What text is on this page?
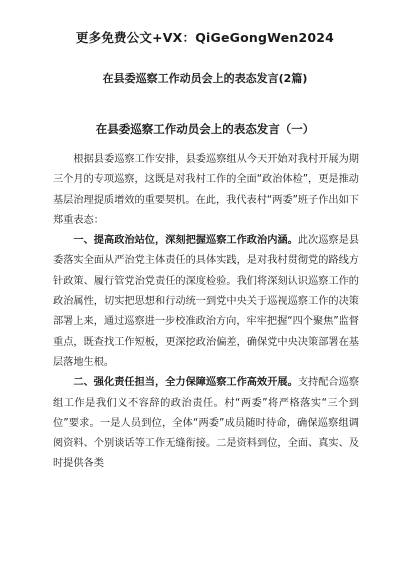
更多免费公文+VX：QiGeGongWen2024
在县委巡察工作动员会上的表态发言(2篇)
在县委巡察工作动员会上的表态发言（一）

根据县委巡察工作安排，县委巡察组从今天开始对我村开展为期三个月的专项巡察，这既是对我村工作的全面“政治体检”，更是推动基层治理提质增效的重要契机。在此，我代表村“两委”班子作出如下郑重表态：

一、提高政治站位，深刻把握巡察工作政治内涵。此次巡察是县委落实全面从严治党主体责任的具体实践，是对我村贯彻党的路线方针政策、履行管党治党责任的深度检验。我们将深刻认识巡察工作的政治属性，切实把思想和行动统一到党中央关于巡视巡察工作的决策部署上来，通过巡察进一步校准政治方向，牢牢把握“四个聚焦”监督重点，既查找工作短板，更深挖政治偏差，确保党中央决策部署在基层落地生根。

二、强化责任担当，全力保障巡察工作高效开展。支持配合巡察组工作是我们义不容辞的政治责任。村“两委”将严格落实“三个到位”要求。一是人员到位，全体“两委”成员随时待命，确保巡察组调阅资料、个别谈话等工作无缝衔接。二是资料到位，全面、真实、及时提供各类
